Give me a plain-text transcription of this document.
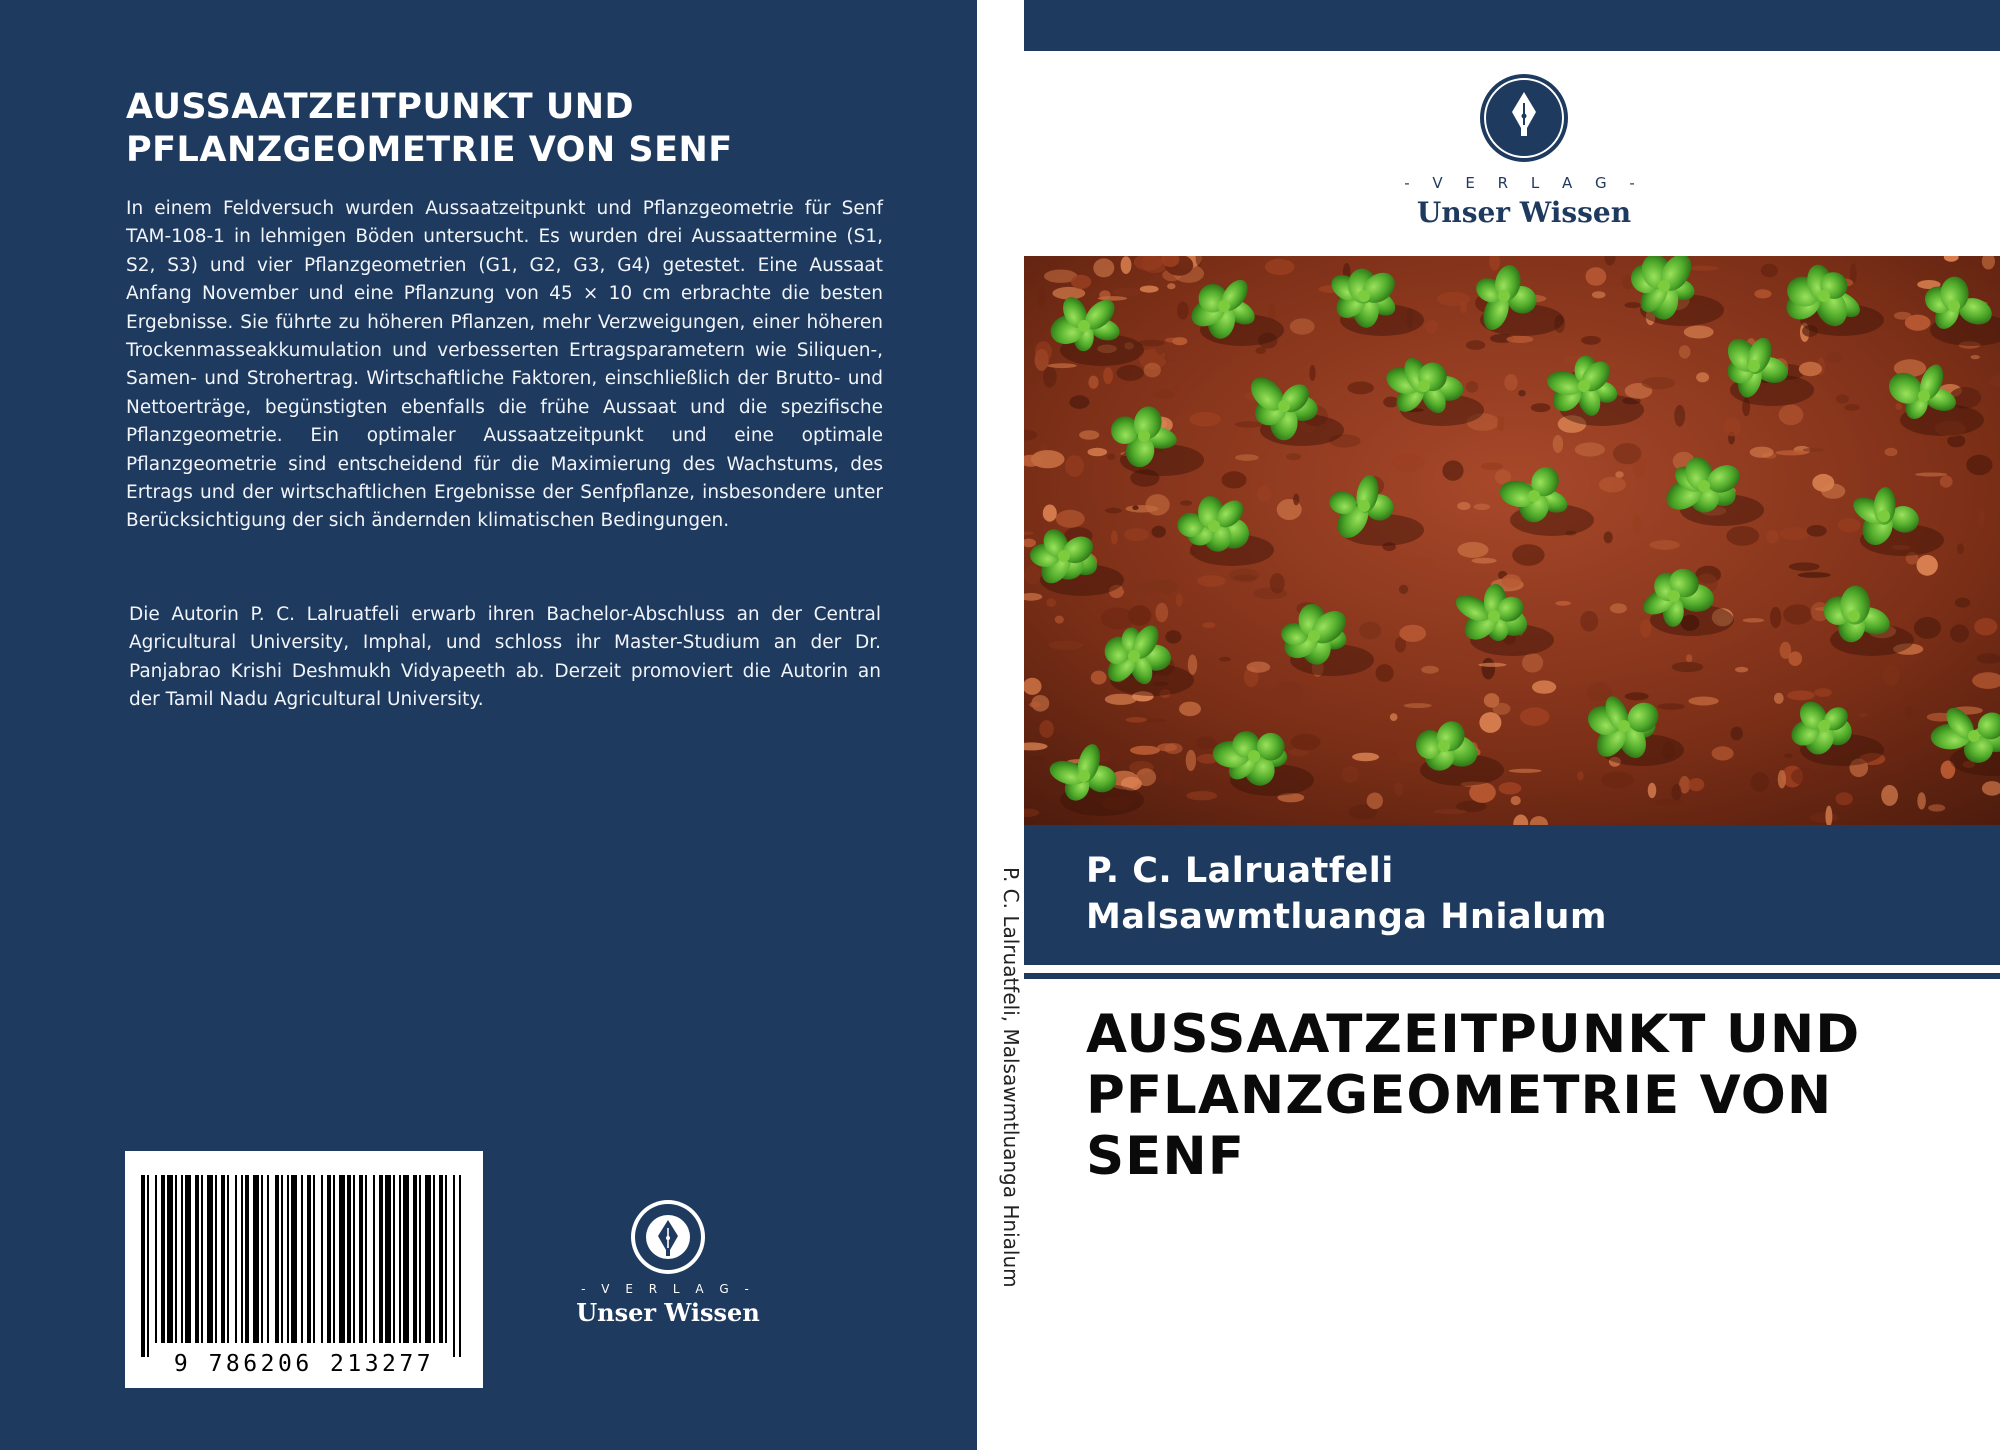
AUSSAATZEITPUNKT UND
PFLANZGEOMETRIE VON SENF

In einem Feldversuch wurden Aussaatzeitpunkt und Pflanzgeometrie für Senf TAM-108-1 in lehmigen Böden untersucht. Es wurden drei Aussaattermine (S1, S2, S3) und vier Pflanzgeometrien (G1, G2, G3, G4) getestet. Eine Aussaat Anfang November und eine Pflanzung von 45 × 10 cm erbrachte die besten Ergebnisse. Sie führte zu höheren Pflanzen, mehr Verzweigungen, einer höheren Trockenmasseakkumulation und verbesserten Ertragsparametern wie Siliquen-, Samen- und Strohertrag. Wirtschaftliche Faktoren, einschließlich der Brutto- und Nettoerträge, begünstigten ebenfalls die frühe Aussaat und die spezifische Pflanzgeometrie. Ein optimaler Aussaatzeitpunkt und eine optimale Pflanzgeometrie sind entscheidend für die Maximierung des Wachstums, des Ertrags und der wirtschaftlichen Ergebnisse der Senfpflanze, insbesondere unter Berücksichtigung der sich ändernden klimatischen Bedingungen.

Die Autorin P. C. Lalruatfeli erwarb ihren Bachelor-Abschluss an der Central Agricultural University, Imphal, und schloss ihr Master-Studium an der Dr. Panjabrao Krishi Deshmukh Vidyapeeth ab. Derzeit promoviert die Autorin an der Tamil Nadu Agricultural University.

9 786206 213277
- V E R L A G -
Unser Wissen
P. C. Lalruatfeli, Malsawmtluanga Hnialum
- V E R L A G -
Unser Wissen
P. C. Lalruatfeli
Malsawmtluanga Hnialum
AUSSAATZEITPUNKT UND
PFLANZGEOMETRIE VON
SENF
